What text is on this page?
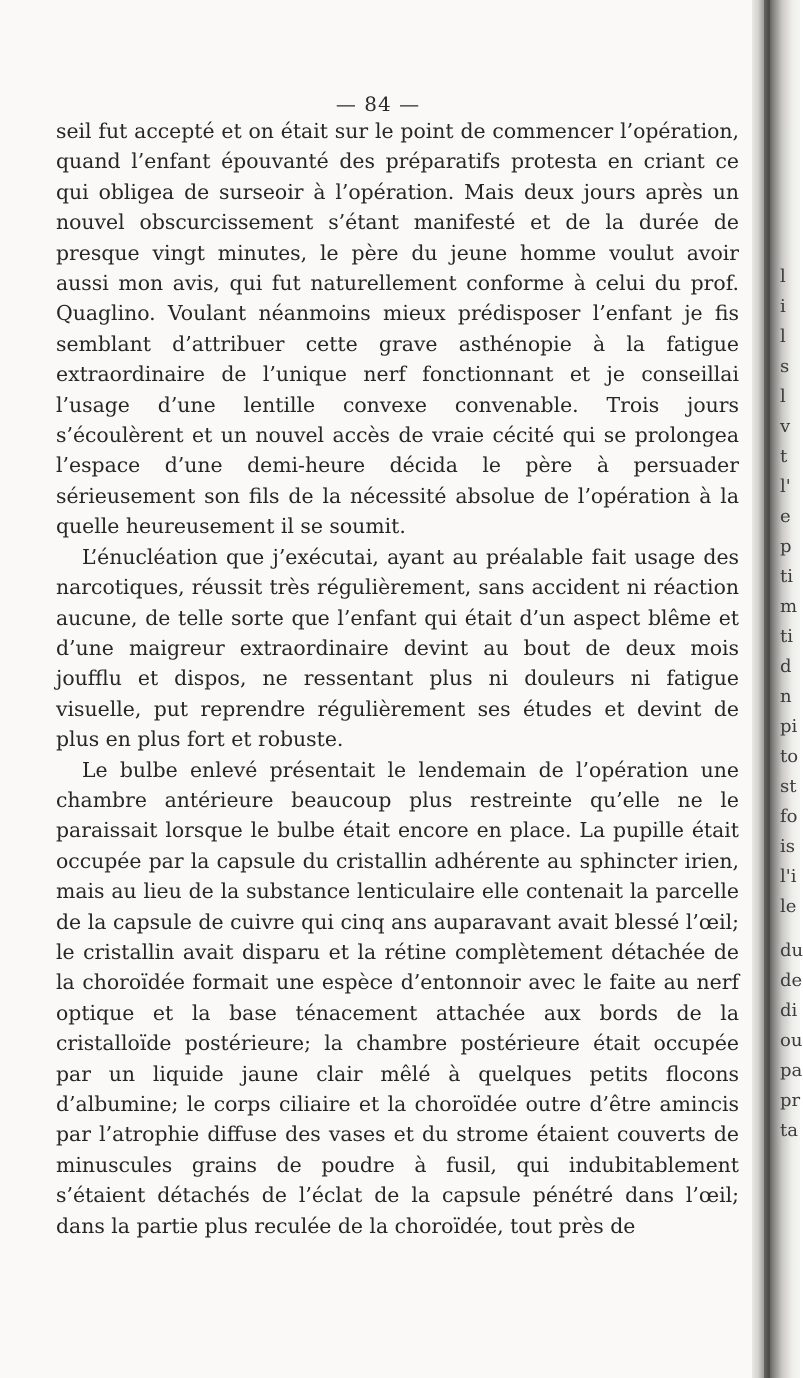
— 84 —

seil fut accepté et on était sur le point de commencer l’opération, quand l’enfant épouvanté des préparatifs protesta en criant ce qui obligea de surseoir à l’opération. Mais deux jours après un nouvel obscurcissement s’étant manifesté et de la durée de presque vingt minutes, le père du jeune homme voulut avoir aussi mon avis, qui fut naturellement conforme à celui du prof. Quaglino. Voulant néanmoins mieux prédisposer l’enfant je fis semblant d’attribuer cette grave asthénopie à la fatigue extraordinaire de l’unique nerf fonctionnant et je conseillai l’usage d’une lentille convexe convenable. Trois jours s’écoulèrent et un nouvel accès de vraie cécité qui se prolongea l’espace d’une demi-heure décida le père à persuader sérieusement son fils de la nécessité absolue de l’opération à la quelle heureusement il se soumit.

L’énucléation que j’exécutai, ayant au préalable fait usage des narcotiques, réussit très régulièrement, sans accident ni réaction aucune, de telle sorte que l’enfant qui était d’un aspect blême et d’une maigreur extraordinaire devint au bout de deux mois joufflu et dispos, ne ressentant plus ni douleurs ni fatigue visuelle, put reprendre régulièrement ses études et devint de plus en plus fort et robuste.

Le bulbe enlevé présentait le lendemain de l’opération une chambre antérieure beaucoup plus restreinte qu’elle ne le paraissait lorsque le bulbe était encore en place. La pupille était occupée par la capsule du cristallin adhérente au sphincter irien, mais au lieu de la substance lenticulaire elle contenait la parcelle de la capsule de cuivre qui cinq ans auparavant avait blessé l’œil; le cristallin avait disparu et la rétine complètement détachée de la choroïdée formait une espèce d’entonnoir avec le faite au nerf optique et la base ténacement attachée aux bords de la cristalloïde postérieure; la chambre postérieure était occupée par un liquide jaune clair mêlé à quelques petits flocons d’albumine; le corps ciliaire et la choroïdée outre d’être amincis par l’atrophie diffuse des vases et du strome étaient couverts de minuscules grains de poudre à fusil, qui indubitablement s’étaient détachés de l’éclat de la capsule pénétré dans l’œil; dans la partie plus reculée de la choroïdée, tout près de

l
i
l
s
l
v
t
l'
e
p
ti
m
ti
d
n
pi
to
st
fo
is
l'i
le
du
de
di
ou
pa
pr
ta
